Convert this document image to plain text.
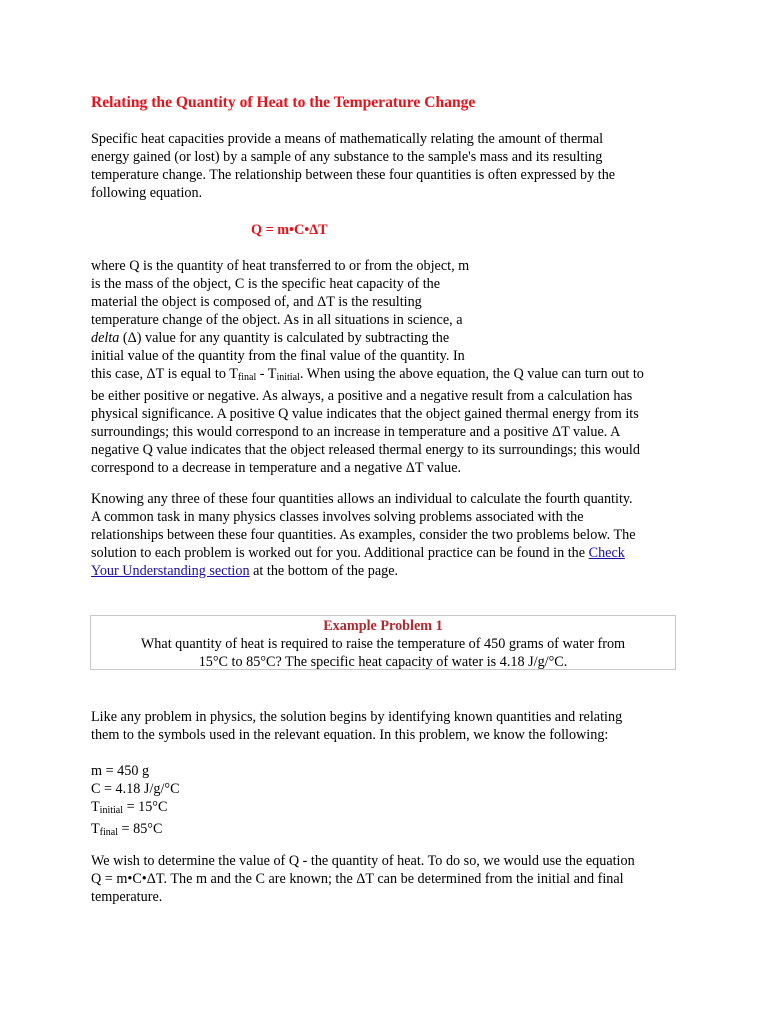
Relating the Quantity of Heat to the Temperature Change

Specific heat capacities provide a means of mathematically relating the amount of thermal
energy gained (or lost) by a sample of any substance to the sample's mass and its resulting
temperature change. The relationship between these four quantities is often expressed by the
following equation.

Q = m•C•ΔT

where Q is the quantity of heat transferred to or from the object, m
is the mass of the object, C is the specific heat capacity of the
material the object is composed of, and ΔT is the resulting
temperature change of the object. As in all situations in science, a
delta (Δ) value for any quantity is calculated by subtracting the
initial value of the quantity from the final value of the quantity. In
this case, ΔT is equal to $T_{final} - T_{initial}$. When using the above equation, the Q value can turn out to
be either positive or negative. As always, a positive and a negative result from a calculation has
physical significance. A positive Q value indicates that the object gained thermal energy from its
surroundings; this would correspond to an increase in temperature and a positive ΔT value. A
negative Q value indicates that the object released thermal energy to its surroundings; this would
correspond to a decrease in temperature and a negative ΔT value.

Knowing any three of these four quantities allows an individual to calculate the fourth quantity.
A common task in many physics classes involves solving problems associated with the
relationships between these four quantities. As examples, consider the two problems below. The
solution to each problem is worked out for you. Additional practice can be found in the Check
Your Understanding section at the bottom of the page.

Example Problem 1
What quantity of heat is required to raise the temperature of 450 grams of water from
15°C to 85°C? The specific heat capacity of water is 4.18 J/g/°C.

Like any problem in physics, the solution begins by identifying known quantities and relating
them to the symbols used in the relevant equation. In this problem, we know the following:

m = 450 g
C = 4.18 J/g/°C
$T_{initial} = 15^\circ C$
$T_{final} = 85^\circ C$

We wish to determine the value of Q - the quantity of heat. To do so, we would use the equation
Q = m•C•ΔT. The m and the C are known; the ΔT can be determined from the initial and final
temperature.
